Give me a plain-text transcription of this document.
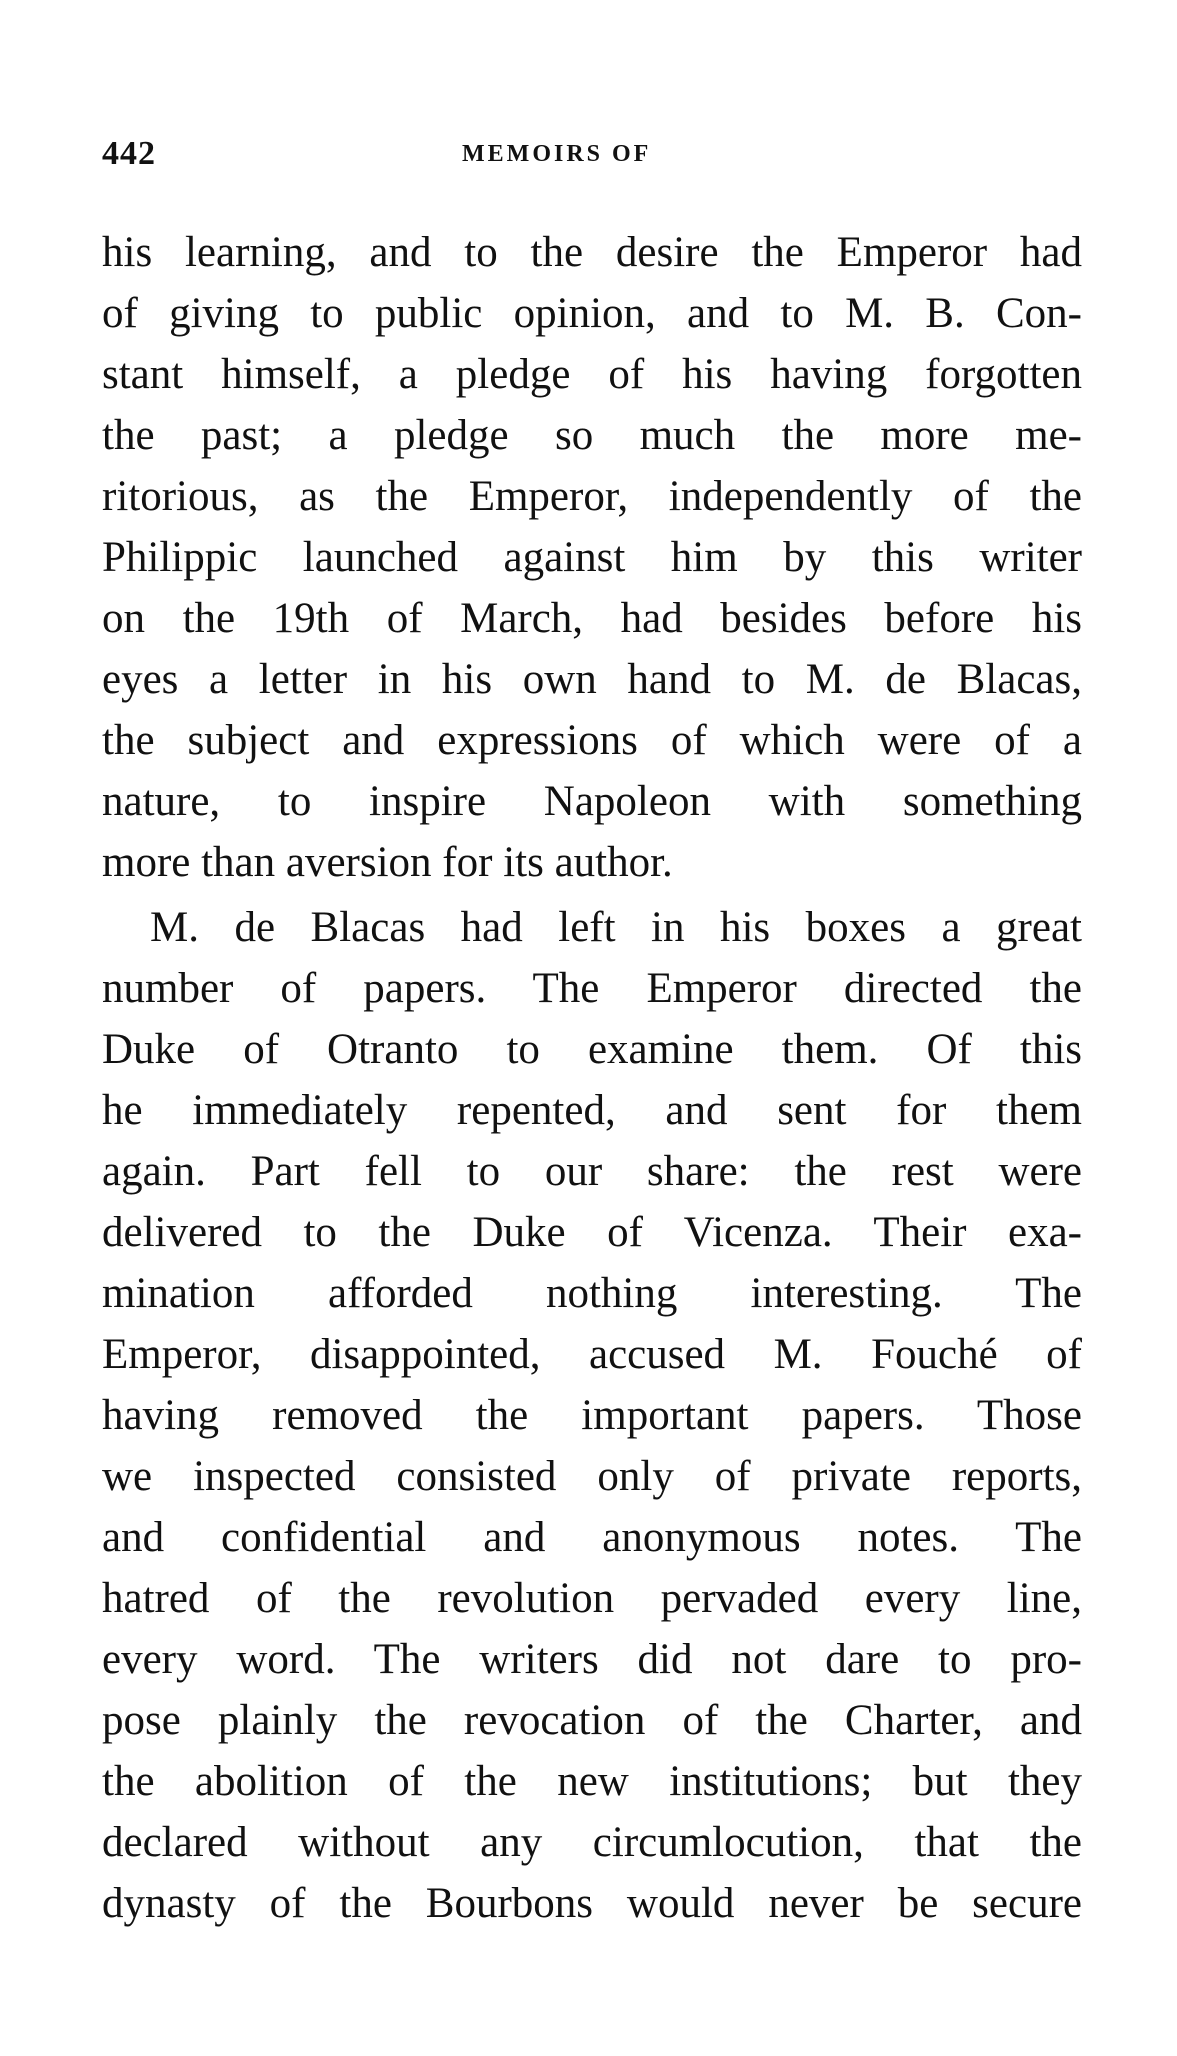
442	MEMOIRS OF
his learning, and to the desire the Emperor had
of giving to public opinion, and to M. B. Con-
stant himself, a pledge of his having forgotten
the past; a pledge so much the more me-
ritorious, as the Emperor, independently of the
Philippic launched against him by this writer
on the 19th of March, had besides before his
eyes a letter in his own hand to M. de Blacas,
the subject and expressions of which were of a
nature, to inspire Napoleon with something
more than aversion for its author.
M. de Blacas had left in his boxes a great
number of papers. The Emperor directed the
Duke of Otranto to examine them. Of this
he immediately repented, and sent for them
again. Part fell to our share: the rest were
delivered to the Duke of Vicenza. Their exa-
mination afforded nothing interesting. The
Emperor, disappointed, accused M. Fouché of
having removed the important papers. Those
we inspected consisted only of private reports,
and confidential and anonymous notes. The
hatred of the revolution pervaded every line,
every word. The writers did not dare to pro-
pose plainly the revocation of the Charter, and
the abolition of the new institutions; but they
declared without any circumlocution, that the
dynasty of the Bourbons would never be secure
